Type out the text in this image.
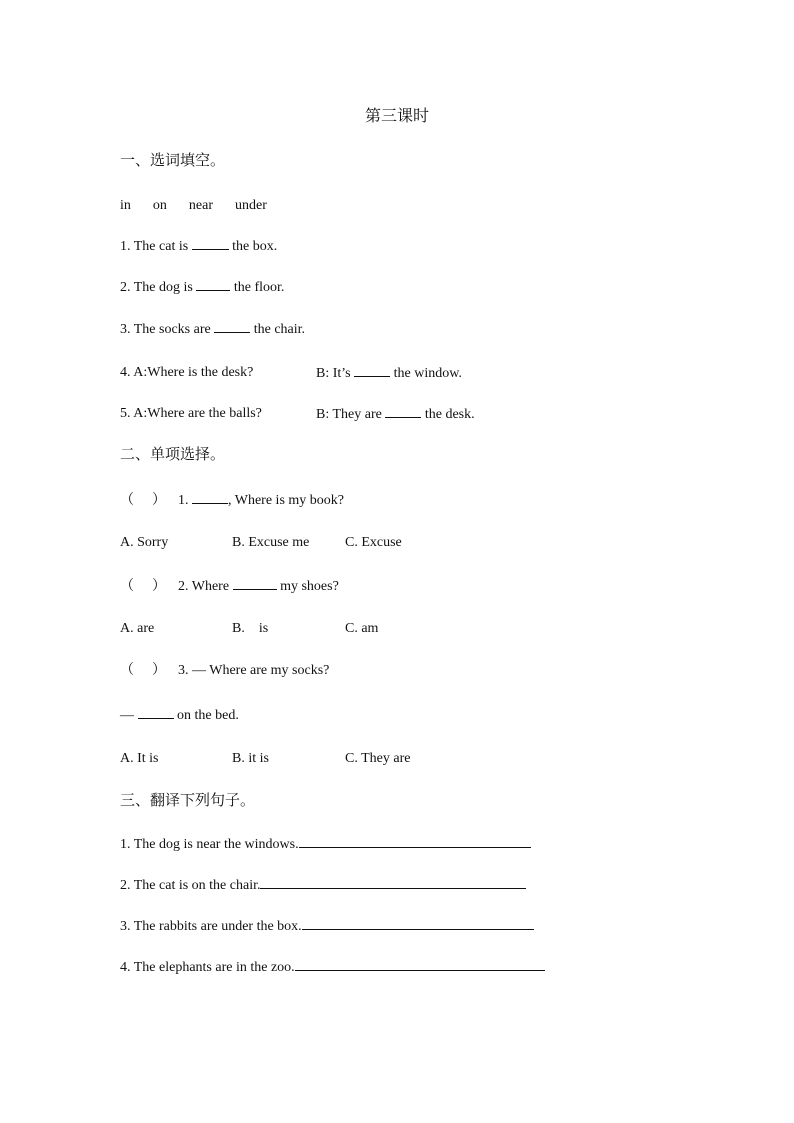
第三课时
一、选词填空。
in on near under
1. The cat is	the box.
2. The dog is  the floor.
3. The socks are	the chair.
4. A:Where is the desk?	B: It’s	the window.
5. A:Where are the balls?	B: They are	the desk.
二、单项选择。
（ ） 1.	, Where is my book?
A. Sorry	B. Excuse me	C. Excuse
（ ） 2. Where	my shoes?
A. are	B.    is	C. am
（ ） 3. — Where are my socks?
—	on the bed.
A. It is	B. it is	C. They are
三、翻译下列句子。
1. The dog is near the windows.
2. The cat is on the chair.
3. The rabbits are under the box.
4. The elephants are in the zoo.
